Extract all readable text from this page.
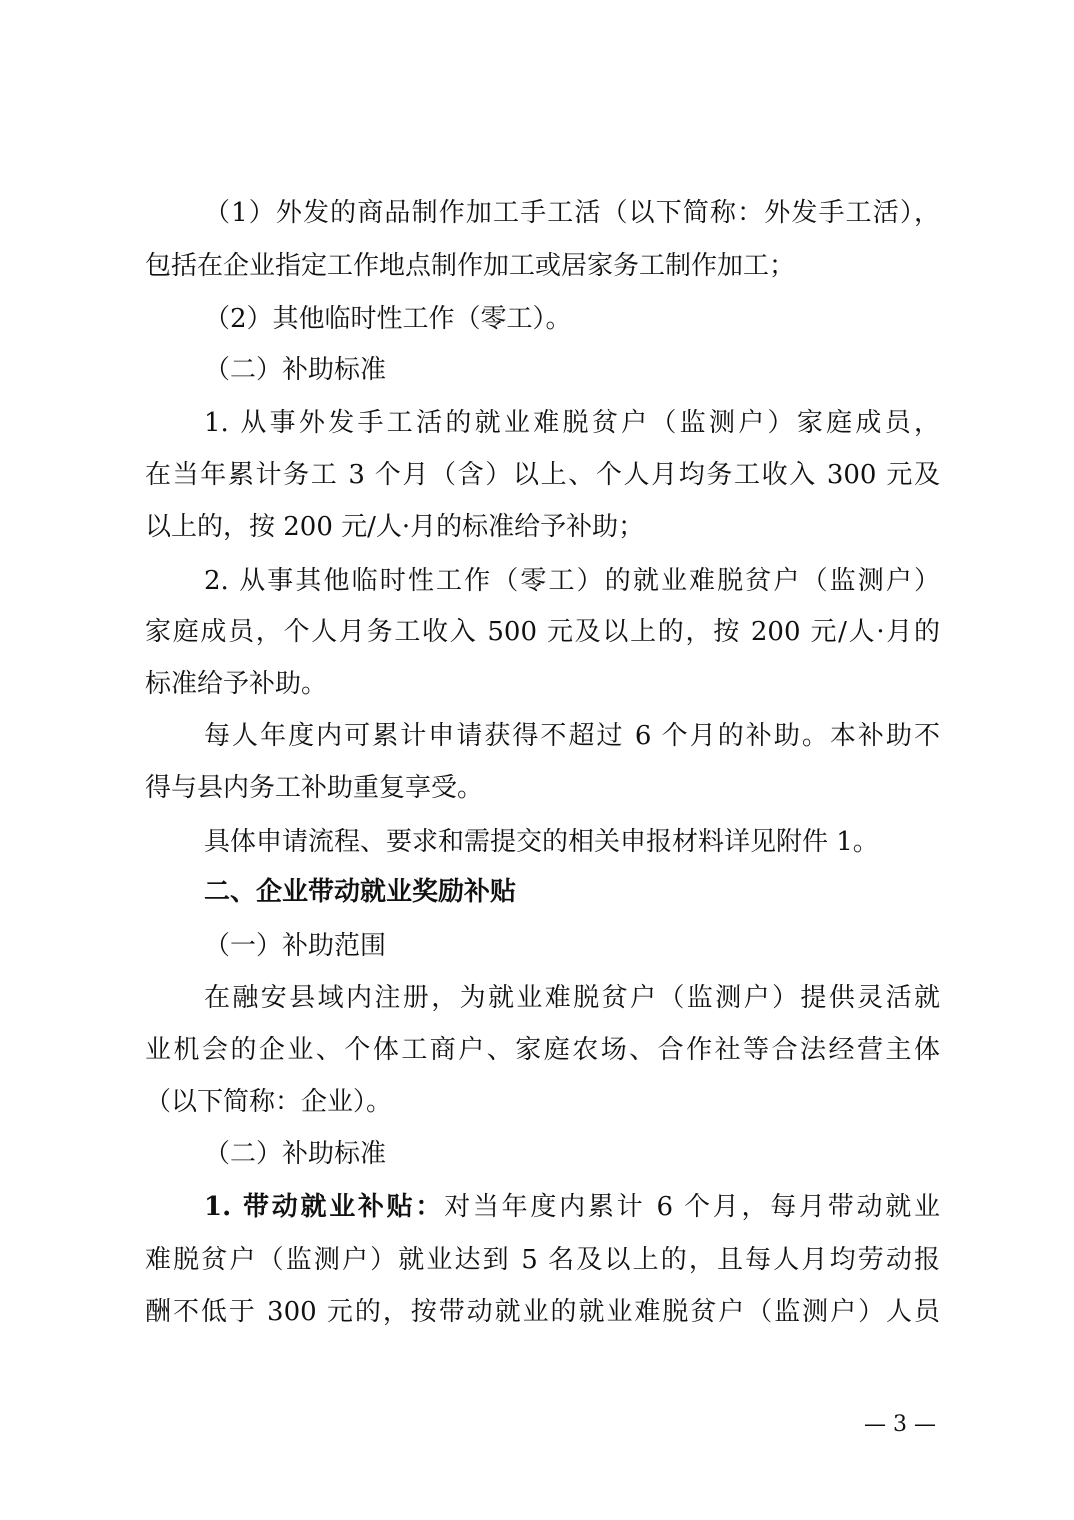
（1）外发的商品制作加工手工活（以下简称：外发手工活），
包括在企业指定工作地点制作加工或居家务工制作加工；
（2）其他临时性工作（零工）。
（二）补助标准
1. 从事外发手工活的就业难脱贫户（监测户）家庭成员，
在当年累计务工 3 个月（含）以上、个人月均务工收入 300 元及
以上的，按 200 元/人·月的标准给予补助；
2. 从事其他临时性工作（零工）的就业难脱贫户（监测户）
家庭成员，个人月务工收入 500 元及以上的，按 200 元/人·月的
标准给予补助。
每人年度内可累计申请获得不超过 6 个月的补助。本补助不
得与县内务工补助重复享受。
具体申请流程、要求和需提交的相关申报材料详见附件 1。
二、企业带动就业奖励补贴
（一）补助范围
在融安县域内注册，为就业难脱贫户（监测户）提供灵活就
业机会的企业、个体工商户、家庭农场、合作社等合法经营主体
（以下简称：企业）。
（二）补助标准
1. 带动就业补贴：对当年度内累计 6 个月，每月带动就业
难脱贫户（监测户）就业达到 5 名及以上的，且每人月均劳动报
酬不低于 300 元的，按带动就业的就业难脱贫户（监测户）人员
— 3 —
